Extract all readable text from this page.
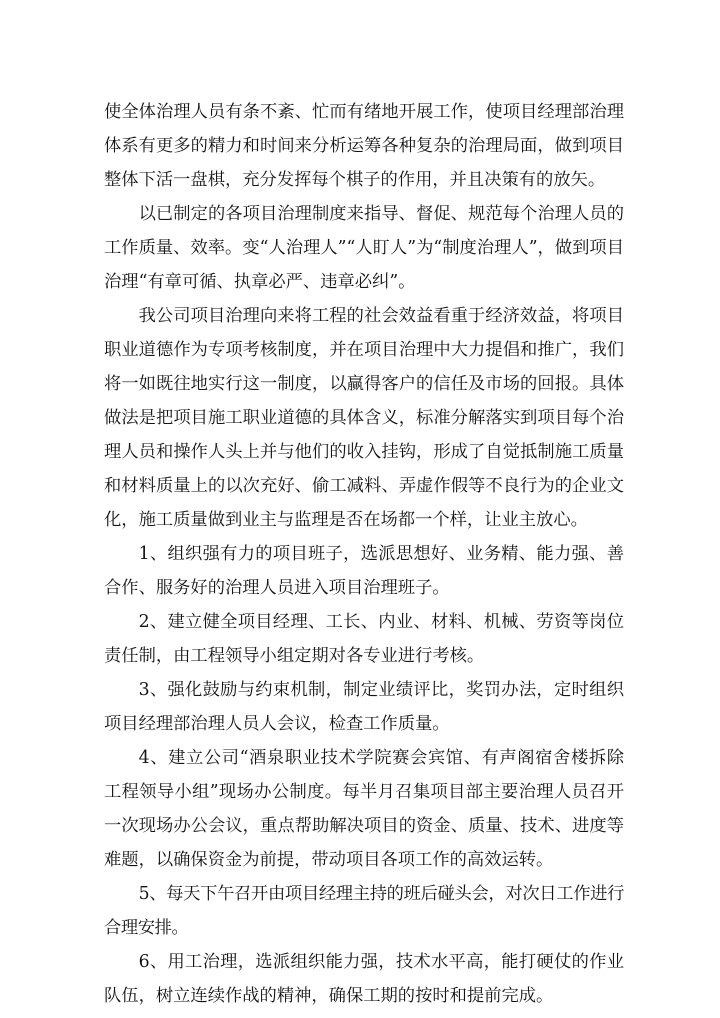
使全体治理人员有条不紊、忙而有绪地开展工作，使项目经理部治理体系有更多的精力和时间来分析运筹各种复杂的治理局面，做到项目整体下活一盘棋，充分发挥每个棋子的作用，并且决策有的放矢。

以已制定的各项目治理制度来指导、督促、规范每个治理人员的工作质量、效率。变“人治理人”“人盯人”为“制度治理人”，做到项目治理“有章可循、执章必严、违章必纠”。

我公司项目治理向来将工程的社会效益看重于经济效益，将项目职业道德作为专项考核制度，并在项目治理中大力提倡和推广，我们将一如既往地实行这一制度，以赢得客户的信任及市场的回报。具体做法是把项目施工职业道德的具体含义，标准分解落实到项目每个治理人员和操作人头上并与他们的收入挂钩，形成了自觉抵制施工质量和材料质量上的以次充好、偷工减料、弄虚作假等不良行为的企业文化，施工质量做到业主与监理是否在场都一个样，让业主放心。

1、组织强有力的项目班子，选派思想好、业务精、能力强、善合作、服务好的治理人员进入项目治理班子。

2、建立健全项目经理、工长、内业、材料、机械、劳资等岗位责任制，由工程领导小组定期对各专业进行考核。

3、强化鼓励与约束机制，制定业绩评比，奖罚办法，定时组织项目经理部治理人员人会议，检查工作质量。

4、建立公司“酒泉职业技术学院赛会宾馆、有声阁宿舍楼拆除工程领导小组”现场办公制度。每半月召集项目部主要治理人员召开一次现场办公会议，重点帮助解决项目的资金、质量、技术、进度等难题，以确保资金为前提，带动项目各项工作的高效运转。

5、每天下午召开由项目经理主持的班后碰头会，对次日工作进行合理安排。

6、用工治理，选派组织能力强，技术水平高，能打硬仗的作业队伍，树立连续作战的精神，确保工期的按时和提前完成。
